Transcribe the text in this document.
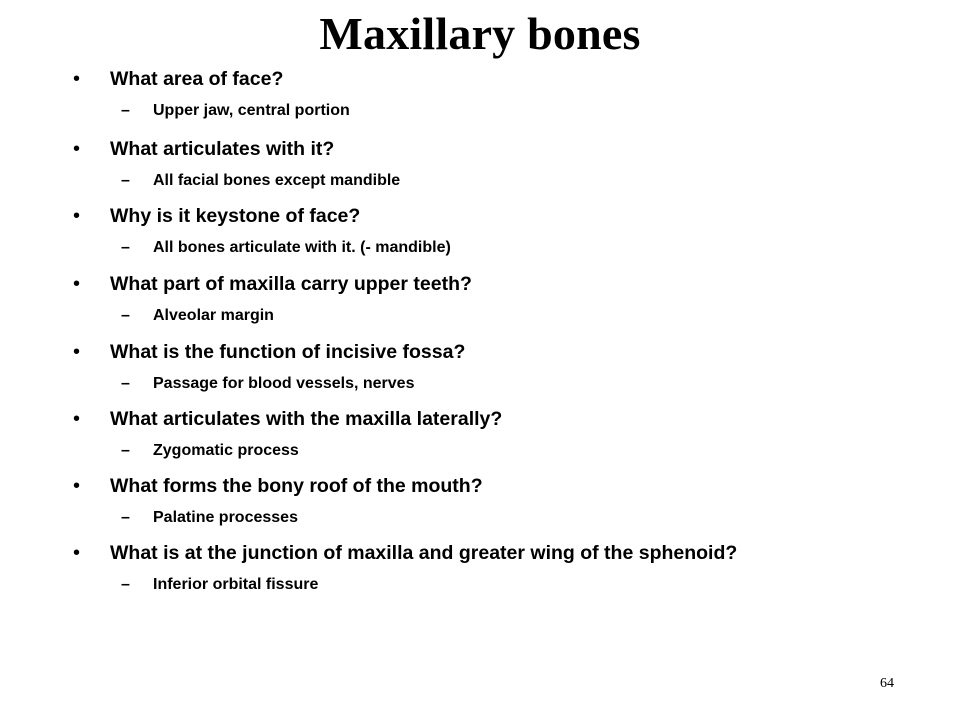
Maxillary bones
• What area of face?
– Upper jaw, central portion
• What articulates with it?
– All facial bones except mandible
• Why is it keystone of face?
– All bones articulate with it. (- mandible)
• What part of maxilla carry upper teeth?
– Alveolar margin
• What is the function of incisive fossa?
– Passage for blood vessels, nerves
• What articulates with the maxilla laterally?
– Zygomatic process
• What forms the bony roof of the mouth?
– Palatine processes
• What is at the junction of maxilla and greater wing of the sphenoid?
– Inferior orbital fissure
64
